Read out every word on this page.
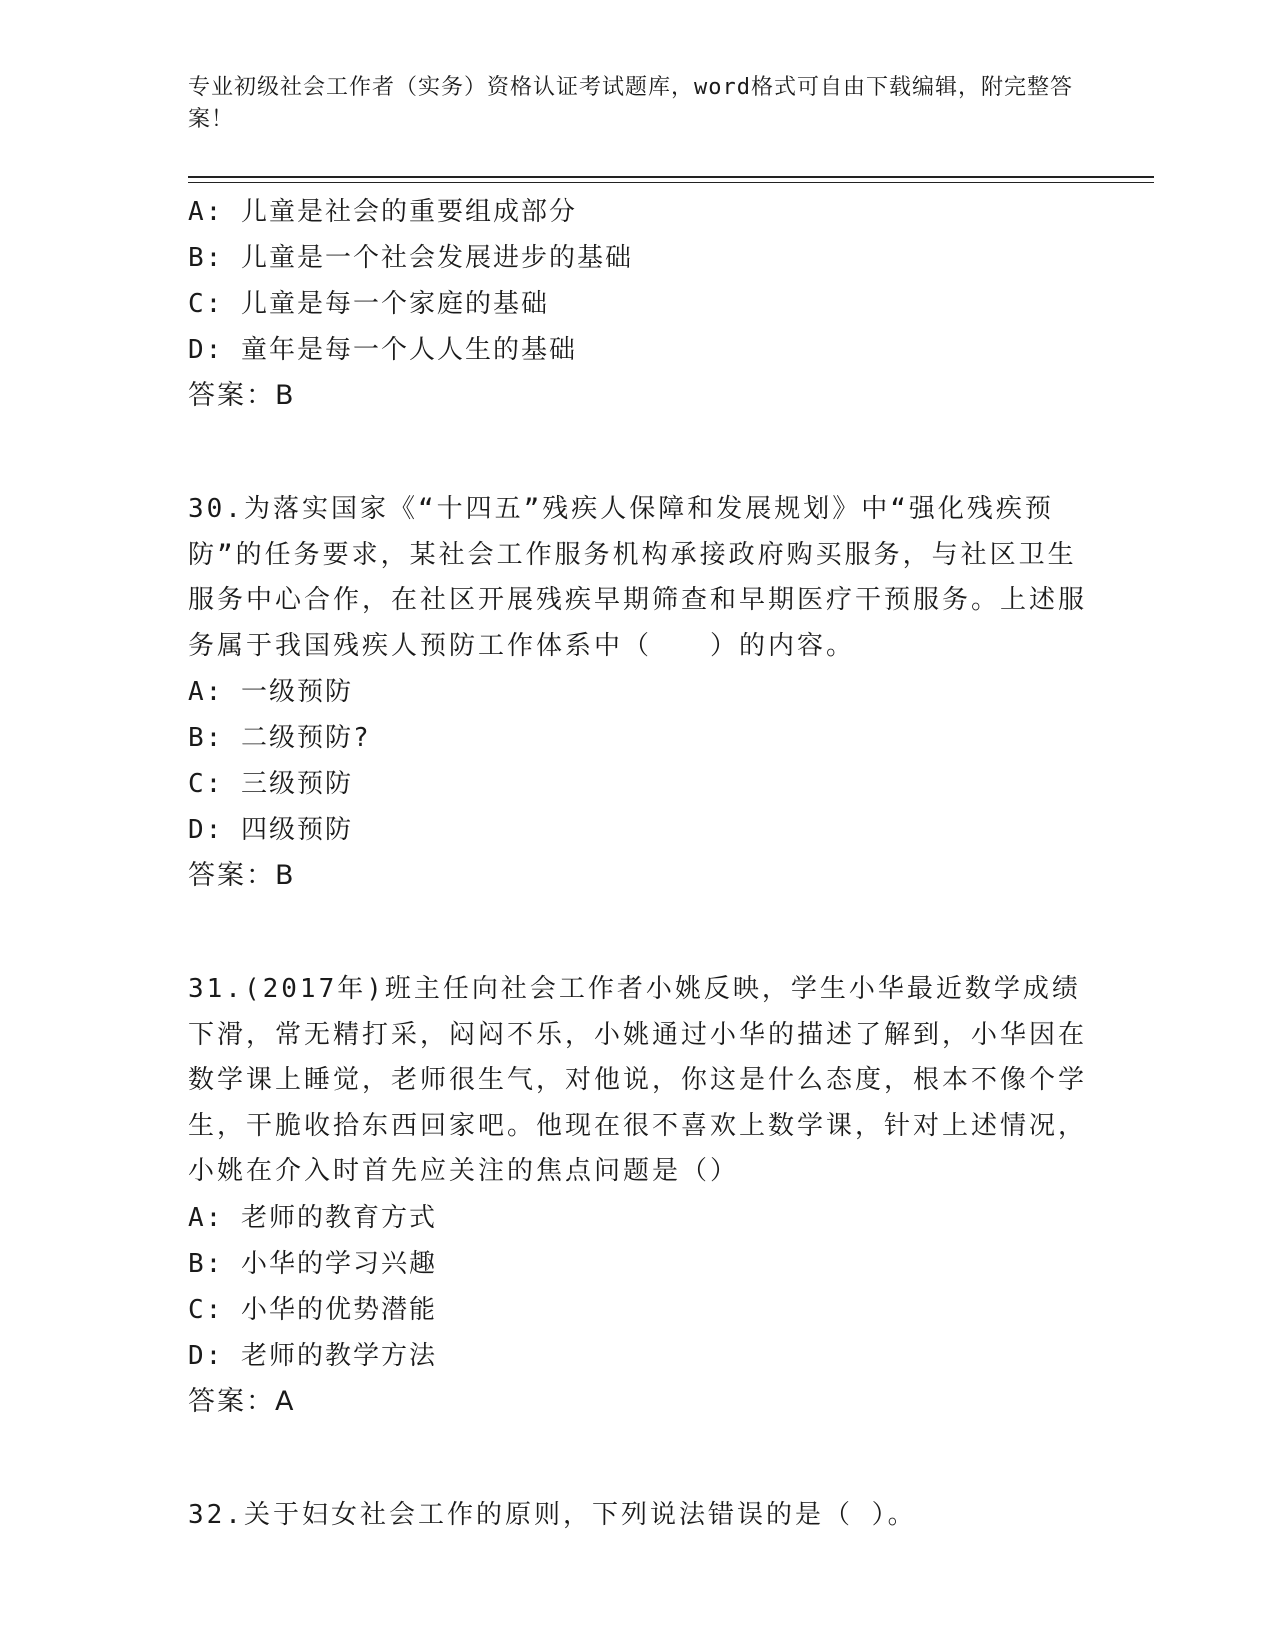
专业初级社会工作者（实务）资格认证考试题库，word格式可自由下载编辑，附完整答案！
A: 儿童是社会的重要组成部分
B: 儿童是一个社会发展进步的基础
C: 儿童是每一个家庭的基础
D: 童年是每一个人人生的基础
答案：B
30.为落实国家《“十四五”残疾人保障和发展规划》中“强化残疾预防”的任务要求，某社会工作服务机构承接政府购买服务，与社区卫生服务中心合作，在社区开展残疾早期筛查和早期医疗干预服务。上述服务属于我国残疾人预防工作体系中（　　）的内容。
A: 一级预防
B: 二级预防?
C: 三级预防
D: 四级预防
答案：B
31.(2017年)班主任向社会工作者小姚反映，学生小华最近数学成绩下滑，常无精打采，闷闷不乐，小姚通过小华的描述了解到，小华因在数学课上睡觉，老师很生气，对他说，你这是什么态度，根本不像个学生，干脆收拾东西回家吧。他现在很不喜欢上数学课，针对上述情况，小姚在介入时首先应关注的焦点问题是（）
A: 老师的教育方式
B: 小华的学习兴趣
C: 小华的优势潜能
D: 老师的教学方法
答案：A
32.关于妇女社会工作的原则，下列说法错误的是（ ）。
